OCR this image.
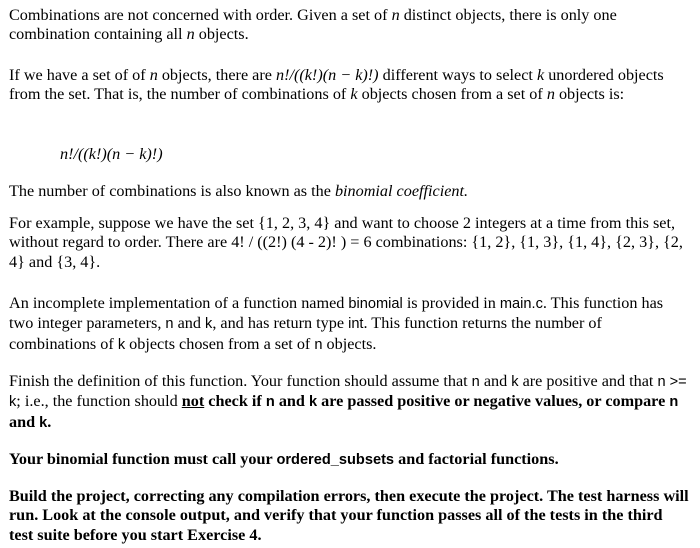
Combinations are not concerned with order. Given a set of n distinct objects, there is only one combination containing all n objects.

If we have a set of of n objects, there are n!/((k!)(n − k)!) different ways to select k unordered objects from the set. That is, the number of combinations of k objects chosen from a set of n objects is:

n!/((k!)(n − k)!)

The number of combinations is also known as the binomial coefficient.

For example, suppose we have the set {1, 2, 3, 4} and want to choose 2 integers at a time from this set, without regard to order. There are 4! / ((2!) (4 - 2)! ) = 6 combinations: {1, 2}, {1, 3}, {1, 4}, {2, 3}, {2, 4} and {3, 4}.

An incomplete implementation of a function named binomial is provided in main.c. This function has two integer parameters, n and k, and has return type int. This function returns the number of combinations of k objects chosen from a set of n objects.

Finish the definition of this function. Your function should assume that n and k are positive and that n >= k; i.e., the function should not check if n and k are passed positive or negative values, or compare n and k.

Your binomial function must call your ordered_subsets and factorial functions.

Build the project, correcting any compilation errors, then execute the project. The test harness will run. Look at the console output, and verify that your function passes all of the tests in the third test suite before you start Exercise 4.
